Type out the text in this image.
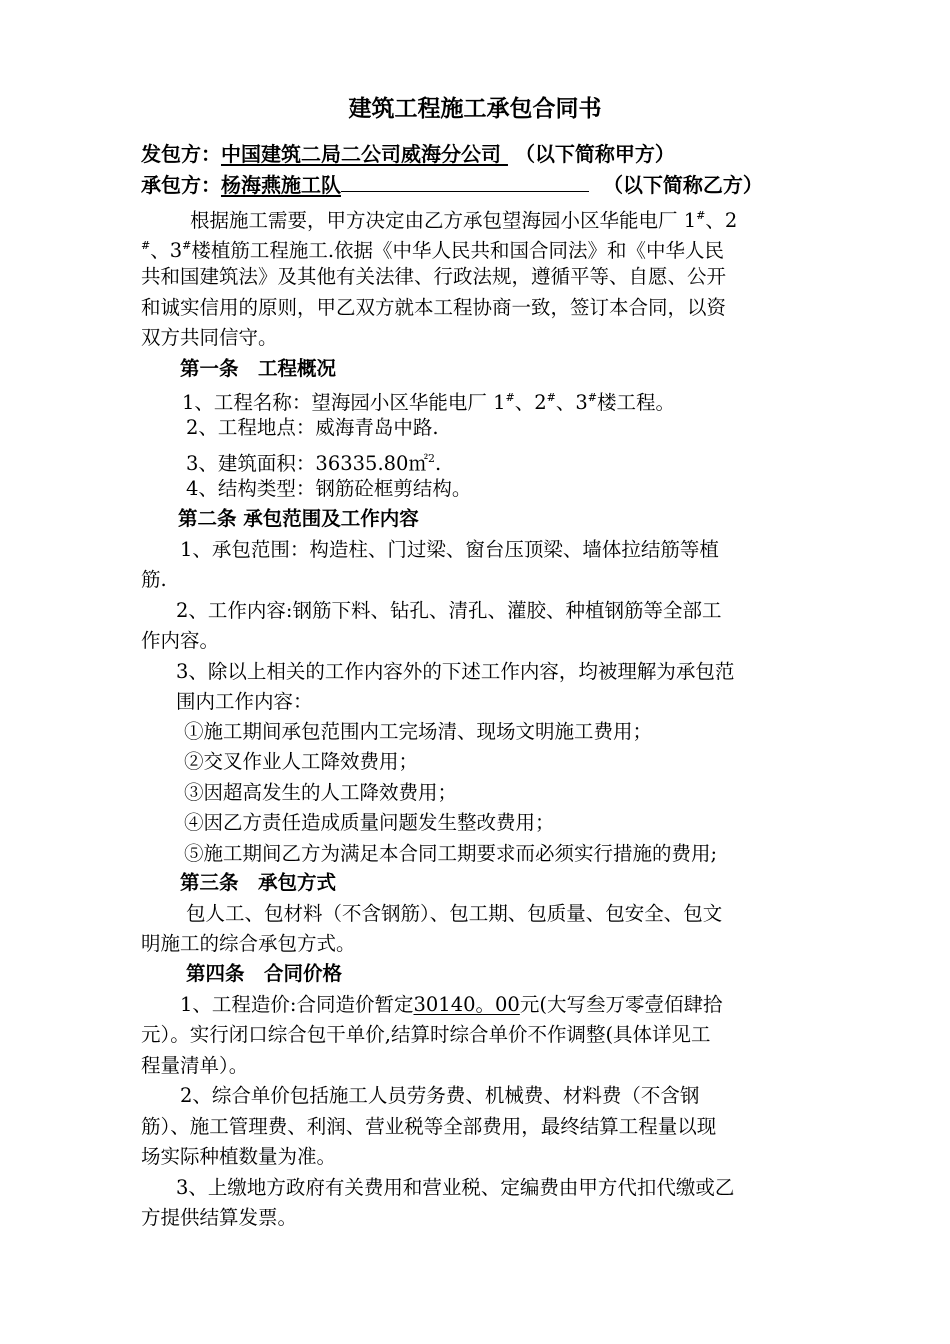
建筑工程施工承包合同书
发包方：中国建筑二局二公司威海分公司 （以下简称甲方）
承包方：杨海燕施工队	（以下简称乙方）
根据施工需要，甲方决定由乙方承包望海园小区华能电厂 1#、2
#、3#楼植筋工程施工.依据《中华人民共和国合同法》和《中华人民
共和国建筑法》及其他有关法律、行政法规，遵循平等、自愿、公开
和诚实信用的原则，甲乙双方就本工程协商一致，签订本合同，以资
双方共同信守。
第一条　工程概况
1、工程名称：望海园小区华能电厂 1#、2#、3#楼工程。
2、工程地点：威海青岛中路.
3、建筑面积：36335.80㎡$^2$.
4、结构类型：钢筋砼框剪结构。
第二条 承包范围及工作内容
1、承包范围：构造柱、门过梁、窗台压顶梁、墙体拉结筋等植
筋.
2、工作内容:钢筋下料、钻孔、清孔、灌胶、种植钢筋等全部工
作内容。
3、除以上相关的工作内容外的下述工作内容，均被理解为承包范
围内工作内容：
①施工期间承包范围内工完场清、现场文明施工费用；
②交叉作业人工降效费用；
③因超高发生的人工降效费用；
④因乙方责任造成质量问题发生整改费用；
⑤施工期间乙方为满足本合同工期要求而必须实行措施的费用;
第三条　承包方式
包人工、包材料（不含钢筋）、包工期、包质量、包安全、包文
明施工的综合承包方式。
第四条　合同价格
1、工程造价:合同造价暂定30140。00元(大写叁万零壹佰肆拾
元）。实行闭口综合包干单价,结算时综合单价不作调整(具体详见工
程量清单）。
2、综合单价包括施工人员劳务费、机械费、材料费（不含钢
筋）、施工管理费、利润、营业税等全部费用，最终结算工程量以现
场实际种植数量为准。
3、上缴地方政府有关费用和营业税、定编费由甲方代扣代缴或乙
方提供结算发票。
